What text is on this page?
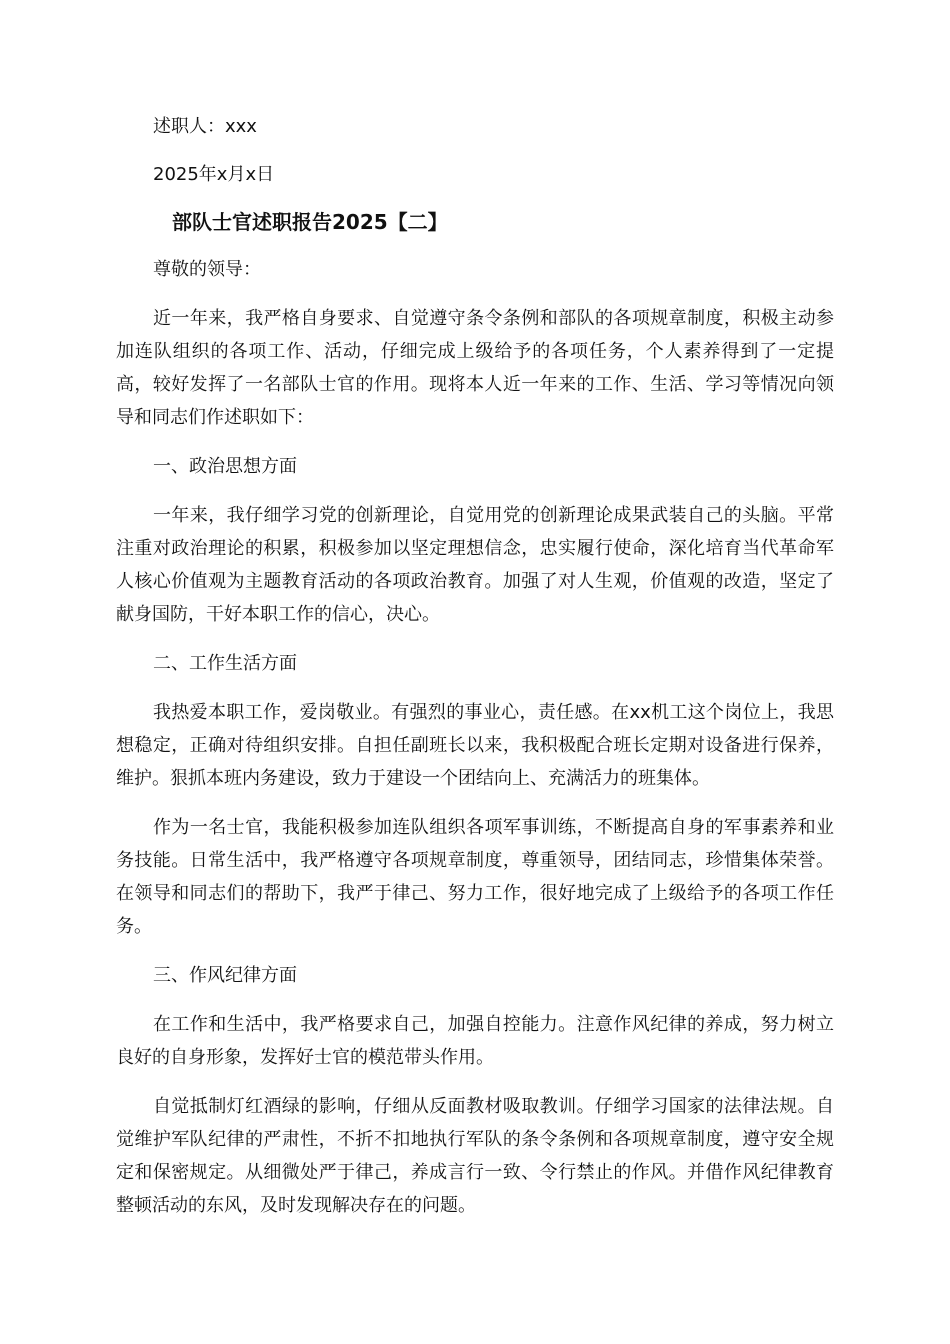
述职人：xxx

2025年x月x日

部队士官述职报告2025【二】

尊敬的领导：

近一年来，我严格自身要求、自觉遵守条令条例和部队的各项规章制度，积极主动参加连队组织的各项工作、活动，仔细完成上级给予的各项任务，个人素养得到了一定提高，较好发挥了一名部队士官的作用。现将本人近一年来的工作、生活、学习等情况向领导和同志们作述职如下：

一、政治思想方面

一年来，我仔细学习党的创新理论，自觉用党的创新理论成果武装自己的头脑。平常注重对政治理论的积累，积极参加以坚定理想信念，忠实履行使命，深化培育当代革命军人核心价值观为主题教育活动的各项政治教育。加强了对人生观，价值观的改造，坚定了献身国防，干好本职工作的信心，决心。

二、工作生活方面

我热爱本职工作，爱岗敬业。有强烈的事业心，责任感。在xx机工这个岗位上，我思想稳定，正确对待组织安排。自担任副班长以来，我积极配合班长定期对设备进行保养，维护。狠抓本班内务建设，致力于建设一个团结向上、充满活力的班集体。

作为一名士官，我能积极参加连队组织各项军事训练，不断提高自身的军事素养和业务技能。日常生活中，我严格遵守各项规章制度，尊重领导，团结同志，珍惜集体荣誉。在领导和同志们的帮助下，我严于律己、努力工作，很好地完成了上级给予的各项工作任务。

三、作风纪律方面

在工作和生活中，我严格要求自己，加强自控能力。注意作风纪律的养成，努力树立良好的自身形象，发挥好士官的模范带头作用。

自觉抵制灯红酒绿的影响，仔细从反面教材吸取教训。仔细学习国家的法律法规。自觉维护军队纪律的严肃性，不折不扣地执行军队的条令条例和各项规章制度，遵守安全规定和保密规定。从细微处严于律己，养成言行一致、令行禁止的作风。并借作风纪律教育整顿活动的东风，及时发现解决存在的问题。
